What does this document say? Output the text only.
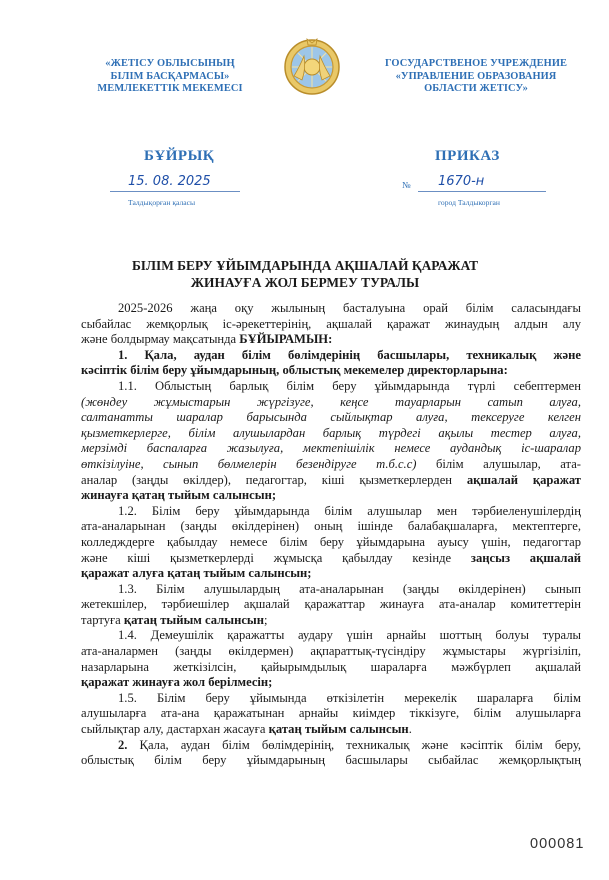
«ЖЕТІСУ ОБЛЫСЫНЫҢ
БІЛІМ БАСҚАРМАСЫ»
МЕМЛЕКЕТТІК МЕКЕМЕСІ
ГОСУДАРСТВЕНОЕ УЧРЕЖДЕНИЕ
«УПРАВЛЕНИЕ ОБРАЗОВАНИЯ
ОБЛАСТИ ЖЕТІСУ»
БҰЙРЫҚ	ПРИКАЗ
15. 08. 2025
Талдықорған қаласы
№ 1670-н
город Талдыкорган
БІЛІМ БЕРУ ҰЙЫМДАРЫНДА АҚШАЛАЙ ҚАРАЖАТ
ЖИНАУҒА ЖОЛ БЕРМЕУ ТУРАЛЫ
2025-2026 жаңа оқу жылының басталуына орай білім саласындағы
сыбайлас жемқорлық іс-әрекеттерінің, ақшалай қаражат жинаудың алдын алу
және болдырмау мақсатында БҰЙЫРАМЫН:
1. Қала, аудан білім бөлімдерінің басшылары, техникалық және
кәсіптік білім беру ұйымдарының, облыстық мекемелер директорларына:
1.1. Облыстың барлық білім беру ұйымдарында түрлі себептермен
(жөндеу жұмыстарын жүргізуге, кеңсе тауарларын сатып алуға,
салтанатты шаралар барысында сыйлықтар алуға, тексеруге келген
қызметкерлерге, білім алушылардан барлық түрдегі ақылы тестер алуға,
мерзімді баспаларға жазылуға, мектепішілік немесе аудандық іс-шаралар
өткізілуіне, сынып бөлмелерін безендіруге т.б.с.с) білім алушылар, ата-
аналар (заңды өкілдер), педагогтар, кіші қызметкерлерден ақшалай қаражат
жинауға қатаң тыйым салынсын;
1.2. Білім беру ұйымдарында білім алушылар мен тәрбиеленушілердің
ата-аналарынан (заңды өкілдерінен) оның ішінде балабақшаларға, мектептерге,
колледждерге қабылдау немесе білім беру ұйымдарына ауысу үшін, педагогтар
және кіші қызметкерлерді жұмысқа қабылдау кезінде заңсыз ақшалай
қаражат алуға қатаң тыйым салынсын;
1.3. Білім алушылардың ата-аналарынан (заңды өкілдерінен) сынып
жетекшілер, тәрбиешілер ақшалай қаражаттар жинауға ата-аналар комитеттерін
тартуға қатаң тыйым салынсын;
1.4. Демеушілік қаражатты аудару үшін арнайы шоттың болуы туралы
ата-аналармен (заңды өкілдермен) ақпараттық-түсіндіру жұмыстары жүргізіліп,
назарларына жеткізілсін, қайырымдылық шараларға мәжбүрлеп ақшалай
қаражат жинауға жол берілмесін;
1.5. Білім беру ұйымында өткізілетін мерекелік шараларға білім
алушыларға ата-ана қаражатынан арнайы киімдер тіккізуге, білім алушыларға
сыйлықтар алу, дастархан жасауға қатаң тыйым салынсын.
2. Қала, аудан білім бөлімдерінің, техникалық және кәсіптік білім беру,
облыстық білім беру ұйымдарының басшылары сыбайлас жемқорлықтың
000081
